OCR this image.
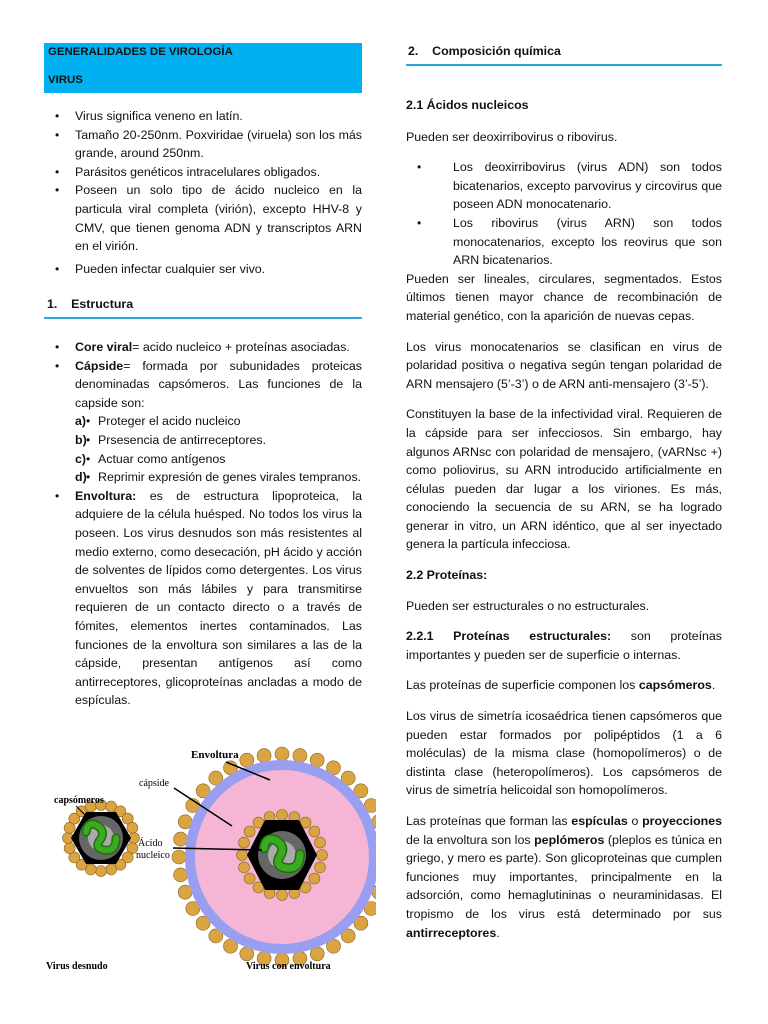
GENERALIDADES DE VIROLOGÍA
VIRUS
• Virus significa veneno en latín.
• Tamaño 20-250nm. Poxviridae (viruela) son los más grande, around 250nm.
• Parásitos genéticos intracelulares obligados.
• Poseen un solo tipo de ácido nucleico en la particula viral completa (virión), excepto HHV-8 y CMV, que tienen genoma ADN y transcriptos ARN en el virión.
• Pueden infectar cualquier ser vivo.
1. Estructura
• Core viral= acido nucleico + proteínas asociadas.
• Cápside= formada por subunidades proteicas denominadas capsómeros. Las funciones de la capside son:
• a) Proteger el acido nucleico
• b) Prsesencia de antirreceptores.
• c) Actuar como antígenos
• d) Reprimir expresión de genes virales tempranos.
• Envoltura: es de estructura lipoproteica, la adquiere de la célula huésped. No todos los virus la poseen. Los virus desnudos son más resistentes al medio externo, como desecación, pH ácido y acción de solventes de lípidos como detergentes. Los virus envueltos son más lábiles y para transmitirse requieren de un contacto directo o a través de fómites, elementos inertes contaminados. Las funciones de la envoltura son similares a las de la cápside, presentan antígenos así como antirreceptores, glicoproteínas ancladas a modo de espículas.
Envoltura
cápside
capsómeros
Ácido
nucleico
Virus desnudo	Virus con envoltura
2. Composición química

2.1 Ácidos nucleicos

Pueden ser deoxirribovirus o ribovirus.

• Los deoxirribovirus (virus ADN) son todos bicatenarios, excepto parvovirus y circovirus que poseen ADN monocatenario.
• Los ribovirus (virus ARN) son todos monocatenarios, excepto los reovirus que son ARN bicatenarios.

Pueden ser lineales, circulares, segmentados. Estos últimos tienen mayor chance de recombinación de material genético, con la aparición de nuevas cepas.

Los virus monocatenarios se clasifican en virus de polaridad positiva o negativa según tengan polaridad de ARN mensajero (5’-3’) o de ARN anti-mensajero (3’-5’).

Constituyen la base de la infectividad viral. Requieren de la cápside para ser infecciosos. Sin embargo, hay algunos ARNsc con polaridad de mensajero, (vARNsc +) como poliovirus, su ARN introducido artificialmente en células pueden dar lugar a los viriones. Es más, conociendo la secuencia de su ARN, se ha logrado generar in vitro, un ARN idéntico, que al ser inyectado genera la partícula infecciosa.

2.2 Proteínas:

Pueden ser estructurales o no estructurales.

2.2.1 Proteínas estructurales: son proteínas importantes y pueden ser de superficie o internas.

Las proteínas de superficie componen los capsómeros.

Los virus de simetría icosaédrica tienen capsómeros que pueden estar formados por polipéptidos (1 a 6 moléculas) de la misma clase (homopolímeros) o de distinta clase (heteropolímeros). Los capsómeros de virus de simetría helicoidal son homopolímeros.

Las proteínas que forman las espículas o proyecciones de la envoltura son los peplómeros (pleplos es túnica en griego, y mero es parte). Son glicoproteinas que cumplen funciones muy importantes, principalmente en la adsorción, como hemaglutininas o neuraminidasas. El tropismo de los virus está determinado por sus antirreceptores.
